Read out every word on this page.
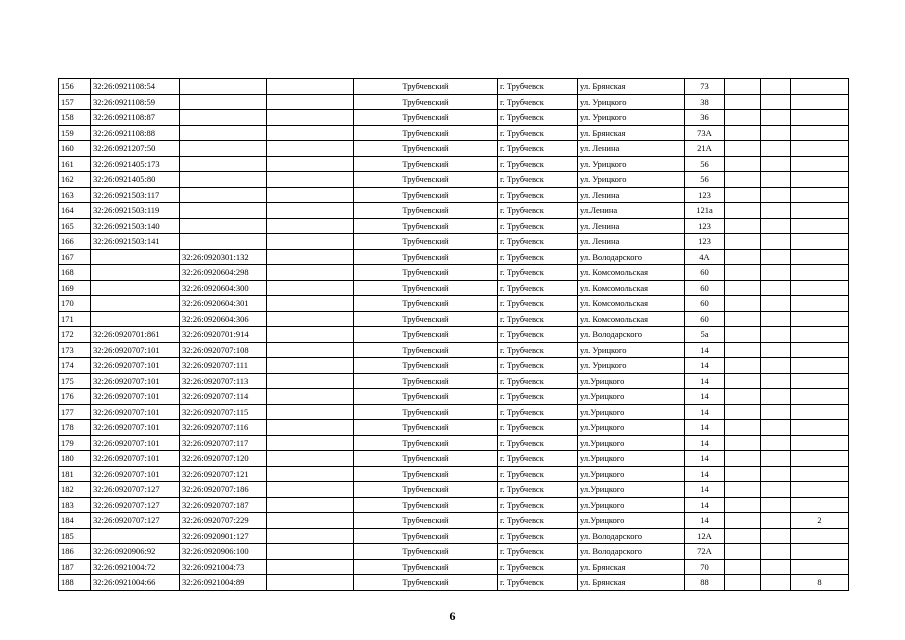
156	32:26:0921108:54			Трубчевский	г. Трубчевск	ул. Брянская	73			
157	32:26:0921108:59			Трубчевский	г. Трубчевск	ул. Урицкого	38			
158	32:26:0921108:87			Трубчевский	г. Трубчевск	ул. Урицкого	36			
159	32:26:0921108:88			Трубчевский	г. Трубчевск	ул. Брянская	73А			
160	32:26:0921207:50			Трубчевский	г. Трубчевск	ул. Ленина	21А			
161	32:26:0921405:173			Трубчевский	г. Трубчевск	ул. Урицкого	56			
162	32:26:0921405:80			Трубчевский	г. Трубчевск	ул. Урицкого	56			
163	32:26:0921503:117			Трубчевский	г. Трубчевск	ул. Ленина	123			
164	32:26:0921503:119			Трубчевский	г. Трубчевск	ул.Ленина	121а			
165	32:26:0921503:140			Трубчевский	г. Трубчевск	ул. Ленина	123			
166	32:26:0921503:141			Трубчевский	г. Трубчевск	ул. Ленина	123			
167		32:26:0920301:132		Трубчевский	г. Трубчевск	ул. Володарского	4А			
168		32:26:0920604:298		Трубчевский	г. Трубчевск	ул. Комсомольская	60			
169		32:26:0920604:300		Трубчевский	г. Трубчевск	ул. Комсомольская	60			
170		32:26:0920604:301		Трубчевский	г. Трубчевск	ул. Комсомольская	60			
171		32:26:0920604:306		Трубчевский	г. Трубчевск	ул. Комсомольская	60			
172	32:26:0920701:861	32:26:0920701:914		Трубчевский	г. Трубчевск	ул. Володарского	5а			
173	32:26:0920707:101	32:26:0920707:108		Трубчевский	г. Трубчевск	ул. Урицкого	14			
174	32:26:0920707:101	32:26:0920707:111		Трубчевский	г. Трубчевск	ул. Урицкого	14			
175	32:26:0920707:101	32:26:0920707:113		Трубчевский	г. Трубчевск	ул.Урицкого	14			
176	32:26:0920707:101	32:26:0920707:114		Трубчевский	г. Трубчевск	ул.Урицкого	14			
177	32:26:0920707:101	32:26:0920707:115		Трубчевский	г. Трубчевск	ул.Урицкого	14			
178	32:26:0920707:101	32:26:0920707:116		Трубчевский	г. Трубчевск	ул.Урицкого	14			
179	32:26:0920707:101	32:26:0920707:117		Трубчевский	г. Трубчевск	ул.Урицкого	14			
180	32:26:0920707:101	32:26:0920707:120		Трубчевский	г. Трубчевск	ул.Урицкого	14			
181	32:26:0920707:101	32:26:0920707:121		Трубчевский	г. Трубчевск	ул.Урицкого	14			
182	32:26:0920707:127	32:26:0920707:186		Трубчевский	г. Трубчевск	ул.Урицкого	14			
183	32:26:0920707:127	32:26:0920707:187		Трубчевский	г. Трубчевск	ул.Урицкого	14			
184	32:26:0920707:127	32:26:0920707:229		Трубчевский	г. Трубчевск	ул.Урицкого	14			2
185		32:26:0920901:127		Трубчевский	г. Трубчевск	ул. Володарского	12А			
186	32:26:0920906:92	32:26:0920906:100		Трубчевский	г. Трубчевск	ул. Володарского	72А			
187	32:26:0921004:72	32:26:0921004:73		Трубчевский	г. Трубчевск	ул. Брянская	70			
188	32:26:0921004:66	32:26:0921004:89		Трубчевский	г. Трубчевск	ул. Брянская	88			8
6
